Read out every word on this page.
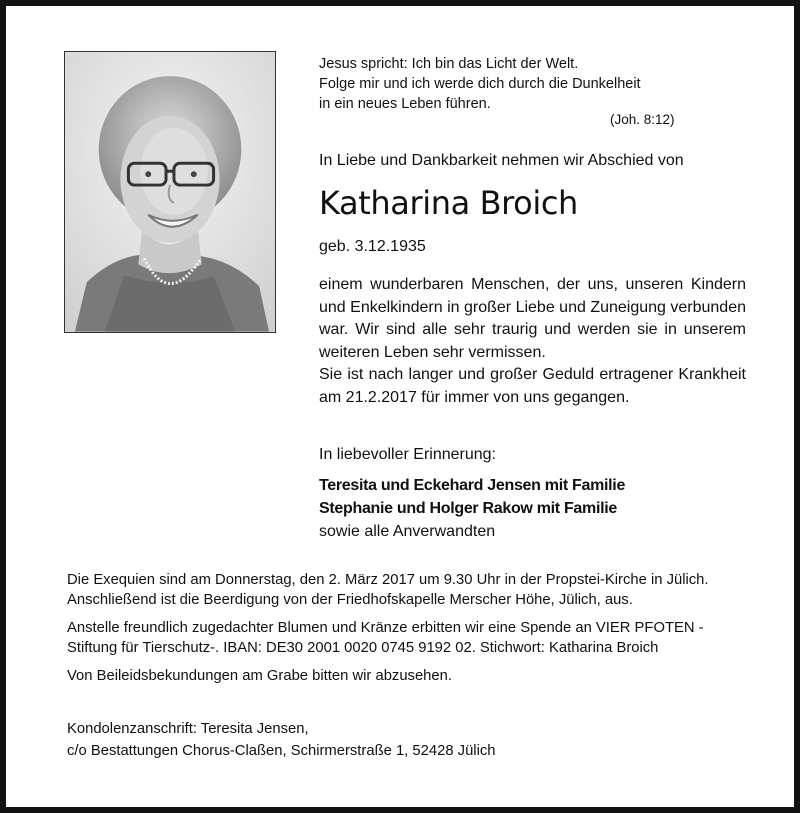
Jesus spricht: Ich bin das Licht der Welt.
Folge mir und ich werde dich durch die Dunkelheit
in ein neues Leben führen.
(Joh. 8:12)
In Liebe und Dankbarkeit nehmen wir Abschied von
Katharina Broich
geb. 3.12.1935

einem wunderbaren Menschen, der uns, unseren Kindern und Enkelkindern in großer Liebe und Zuneigung verbunden war. Wir sind alle sehr traurig und werden sie in unserem weiteren Leben sehr vermissen.

Sie ist nach langer und großer Geduld ertragener Krankheit am 21.2.2017 für immer von uns gegangen.

In liebevoller Erinnerung:
Teresita und Eckehard Jensen mit Familie
Stephanie und Holger Rakow mit Familie
sowie alle Anverwandten

Die Exequien sind am Donnerstag, den 2. März 2017 um 9.30 Uhr in der Propstei-Kirche in Jülich.
Anschließend ist die Beerdigung von der Friedhofskapelle Merscher Höhe, Jülich, aus.

Anstelle freundlich zugedachter Blumen und Kränze erbitten wir eine Spende an VIER PFOTEN -
Stiftung für Tierschutz-. IBAN: DE30 2001 0020 0745 9192 02. Stichwort: Katharina Broich

Von Beileidsbekundungen am Grabe bitten wir abzusehen.

Kondolenzanschrift: Teresita Jensen,
c/o Bestattungen Chorus-Claßen, Schirmerstraße 1, 52428 Jülich
